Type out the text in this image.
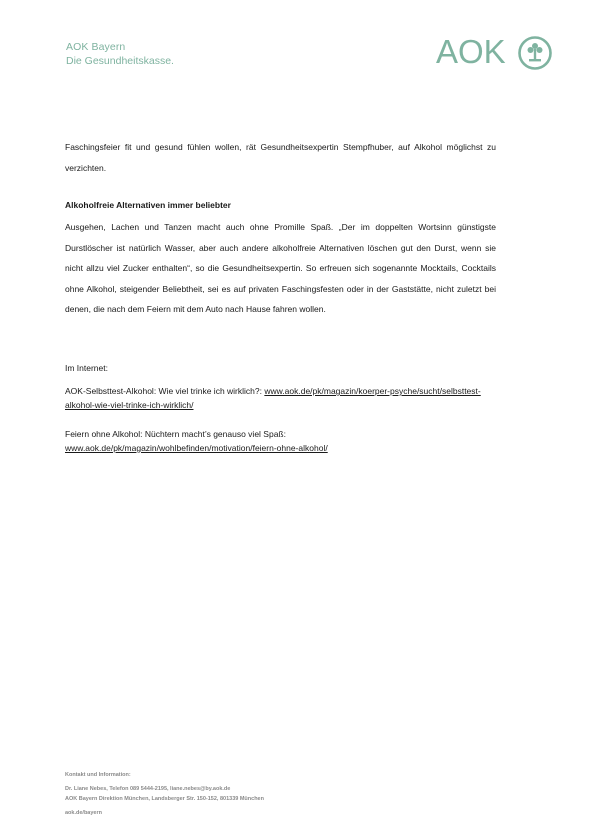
AOK Bayern
Die Gesundheitskasse.	AOK
Faschingsfeier fit und gesund fühlen wollen, rät Gesundheitsexpertin Stempfhuber, auf Alkohol möglichst zu verzichten.
Alkoholfreie Alternativen immer beliebter
Ausgehen, Lachen und Tanzen macht auch ohne Promille Spaß. „Der im doppelten Wortsinn günstigste Durstlöscher ist natürlich Wasser, aber auch andere alkoholfreie Alternativen löschen gut den Durst, wenn sie nicht allzu viel Zucker enthalten“, so die Gesundheitsexpertin. So erfreuen sich sogenannte Mocktails, Cocktails ohne Alkohol, steigender Beliebtheit, sei es auf privaten Faschingsfesten oder in der Gaststätte, nicht zuletzt bei denen, die nach dem Feiern mit dem Auto nach Hause fahren wollen.
Im Internet:
AOK-Selbsttest-Alkohol: Wie viel trinke ich wirklich?: www.aok.de/pk/magazin/koerper-psyche/sucht/selbsttest-alkohol-wie-viel-trinke-ich-wirklich/
Feiern ohne Alkohol: Nüchtern macht’s genauso viel Spaß:
www.aok.de/pk/magazin/wohlbefinden/motivation/feiern-ohne-alkohol/
Kontakt und Information:
Dr. Liane Nebes, Telefon 089 5444-2195, liane.nebes@by.aok.de
AOK Bayern Direktion München, Landsberger Str. 150-152, 801339 München
aok.de/bayern
